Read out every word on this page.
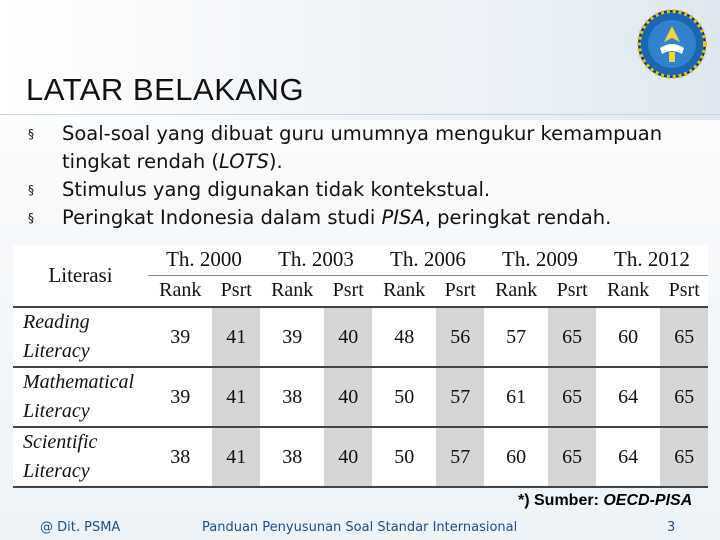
LATAR BELAKANG
§ Soal-soal yang dibuat guru umumnya mengukur kemampuan tingkat rendah (LOTS).
§ Stimulus yang digunakan tidak kontekstual.
§ Peringkat Indonesia dalam studi PISA, peringkat rendah.
Literasi	Th. 2000		Th. 2003		Th. 2006		Th. 2009		Th. 2012	
	Rank	Psrt	Rank	Psrt	Rank	Psrt	Rank	Psrt	Rank	Psrt

Reading
Literacy	39	41	39	40	48	56	57	65	60	65

Mathematical
Literacy	39	41	38	40	50	57	61	65	64	65

Scientific
Literacy	38	41	38	40	50	57	60	65	64	65
*) Sumber: OECD-PISA
@ Dit. PSMA	Panduan Penyusunan Soal Standar Internasional	3
